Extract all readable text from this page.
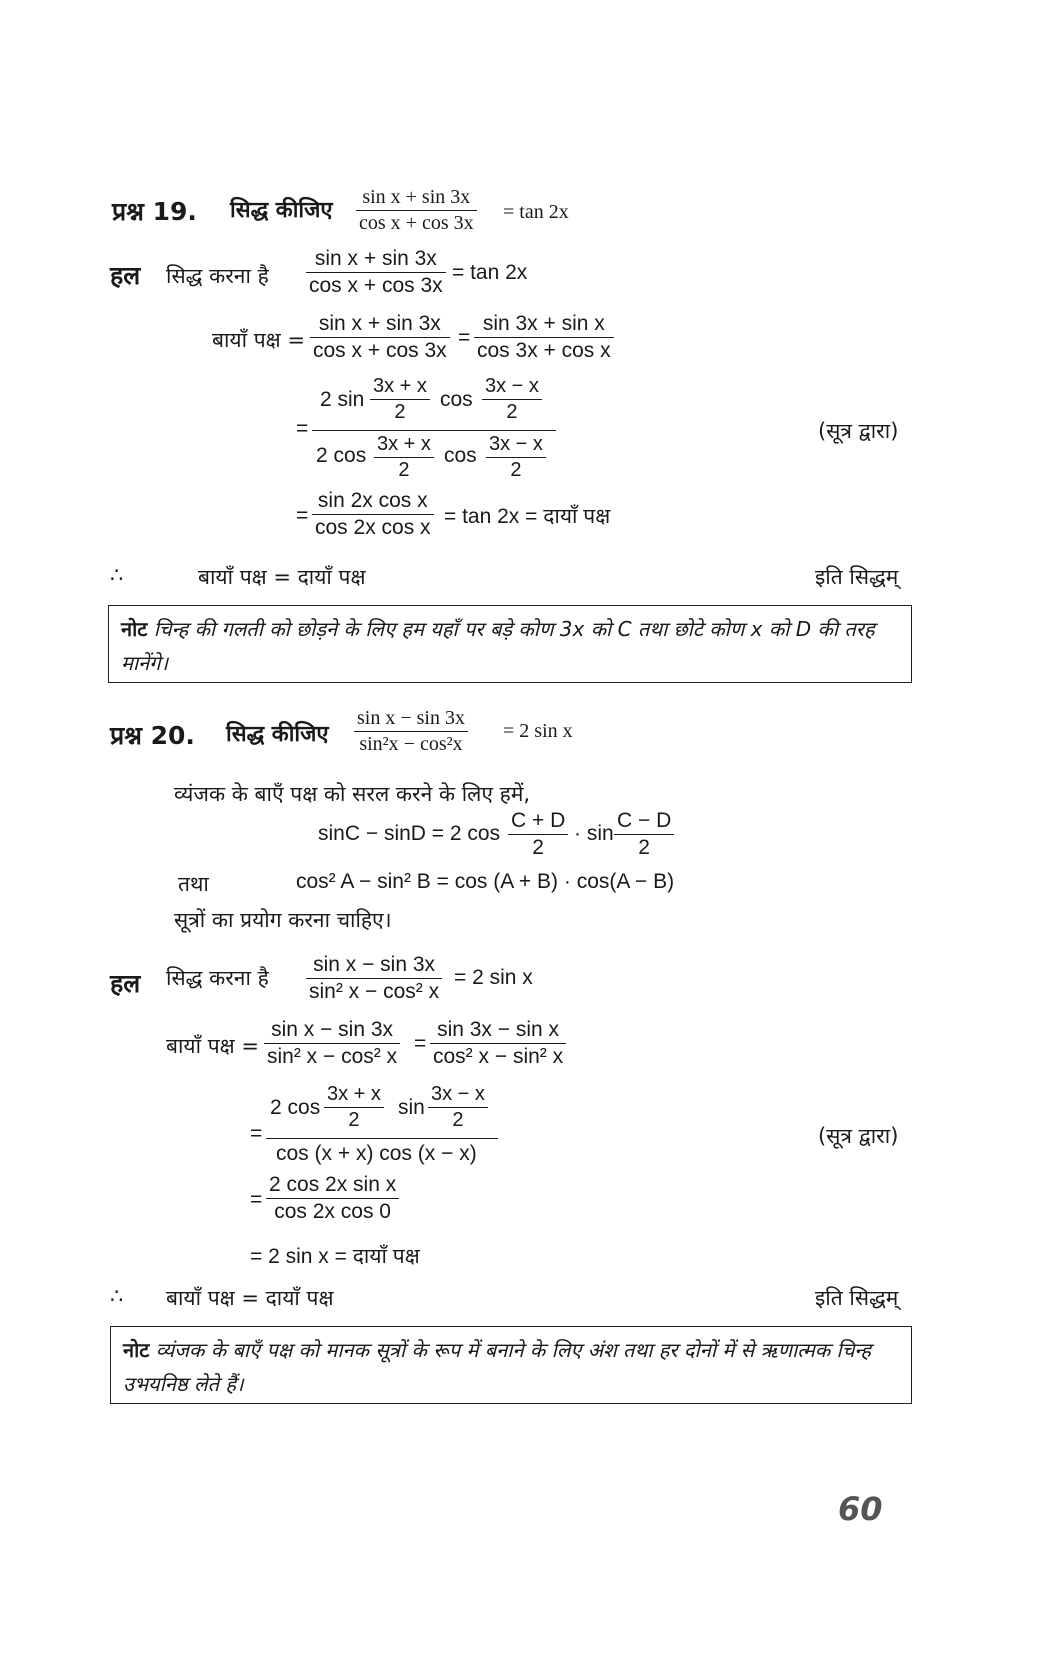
प्रश्न 19. सिद्ध कीजिए
sin x + sin 3x
cos x + cos 3x = tan 2x
हल सिद्ध करना है
sin x + sin 3x
cos x + cos 3x
= tan 2x
बायाँ पक्ष =
sin x + sin 3x
cos x + cos 3x
=
sin 3x + sin x
cos 3x + cos x
=
2 sin
3x + x
2
cos
3x − x
2
2 cos 3x + x
2
cos 3x − x
2
(सूत्र द्वारा)
=
sin 2x cos x
cos 2x cos x = tan 2x = दायाँ पक्ष
∴	बायाँ पक्ष = दायाँ पक्ष	इति सिद्धम्
नोट चिन्ह की गलती को छोड़ने के लिए हम यहाँ पर बड़े कोण 3x को C तथा छोटे कोण x को D की तरह मानेंगे।
प्रश्न 20. सिद्ध कीजिए
sin x − sin 3x
sin²x − cos²x
= 2 sin x
व्यंजक के बाएँ पक्ष को सरल करने के लिए हमें,
sinC − sinD = 2 cos
C + D
2
· sin
C − D
2
तथा	cos² A − sin² B = cos (A + B) · cos(A − B)
सूत्रों का प्रयोग करना चाहिए।
हल सिद्ध करना है
sin x − sin 3x
sin² x − cos² x
= 2 sin x
बायाँ पक्ष =
sin x − sin 3x
sin² x − cos² x
=
sin 3x − sin x
cos² x − sin² x
=
2 cos
3x + x
2
sin
3x − x
2
cos (x + x) cos (x − x)
(सूत्र द्वारा)
=
2 cos 2x sin x
cos 2x cos 0
= 2 sin x = दायाँ पक्ष
∴ बायाँ पक्ष = दायाँ पक्ष	इति सिद्धम्
नोट व्यंजक के बाएँ पक्ष को मानक सूत्रों के रूप में बनाने के लिए अंश तथा हर दोनों में से ऋणात्मक चिन्ह उभयनिष्ठ लेते हैं।
60
